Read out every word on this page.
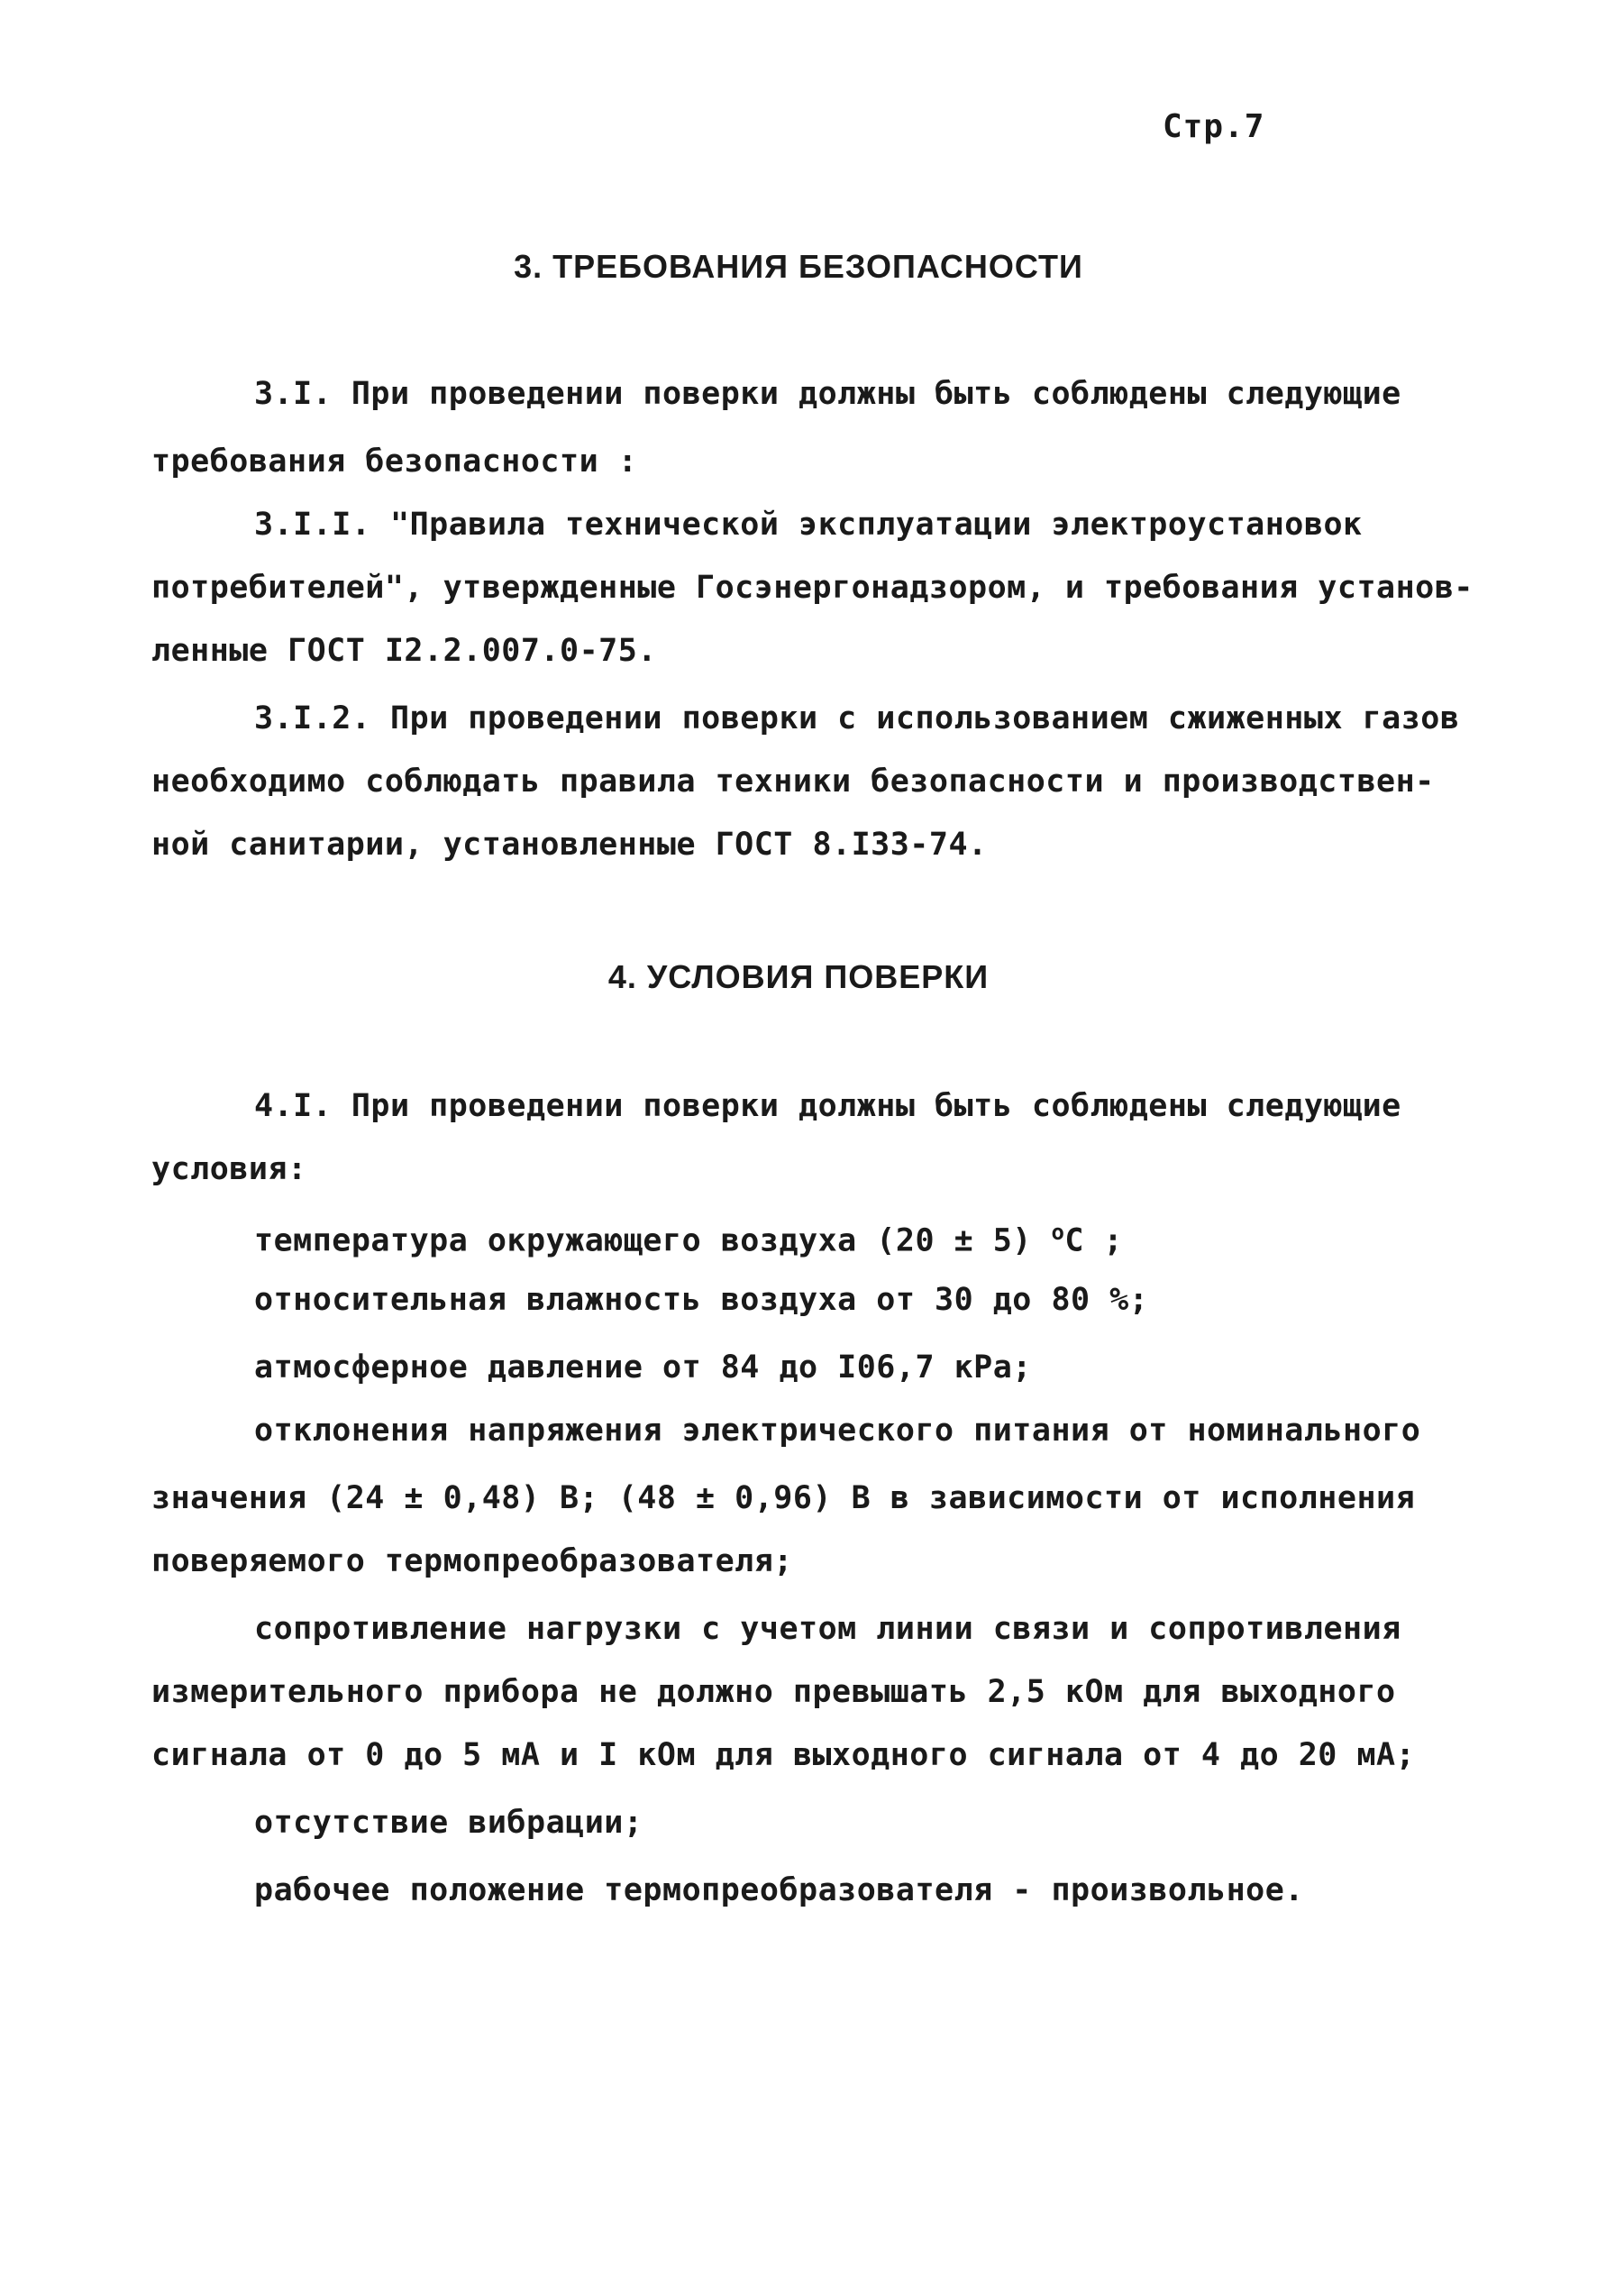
Стр.7
3. ТРЕБОВАНИЯ БЕЗОПАСНОСТИ
3.I. При проведении поверки должны быть соблюдены следующие
требования безопасности :
3.I.I. "Правила технической эксплуатации электроустановок
потребителей", утвержденные Госэнергонадзором, и требования установ-
ленные ГОСТ I2.2.007.0-75.
3.I.2. При проведении поверки с использованием сжиженных газов
необходимо соблюдать правила техники безопасности и производствен-
ной санитарии, установленные ГОСТ 8.I33-74.
4. УСЛОВИЯ ПОВЕРКИ
4.I. При проведении поверки должны быть соблюдены следующие
условия:
температура окружающего воздуха (20 ± 5) $^o$C ;
относительная влажность воздуха от 30 до 80 %;
атмосферное давление от 84 до I06,7 кРа;
отклонения напряжения электрического питания от номинального
значения (24 ± 0,48) В; (48 ± 0,96) В в зависимости от исполнения
поверяемого термопреобразователя;
сопротивление нагрузки с учетом линии связи и сопротивления
измерительного прибора не должно превышать 2,5 кОм для выходного
сигнала от 0 до 5 мА и I кОм для выходного сигнала от 4 до 20 мА;
отсутствие вибрации;
рабочее положение термопреобразователя - произвольное.
